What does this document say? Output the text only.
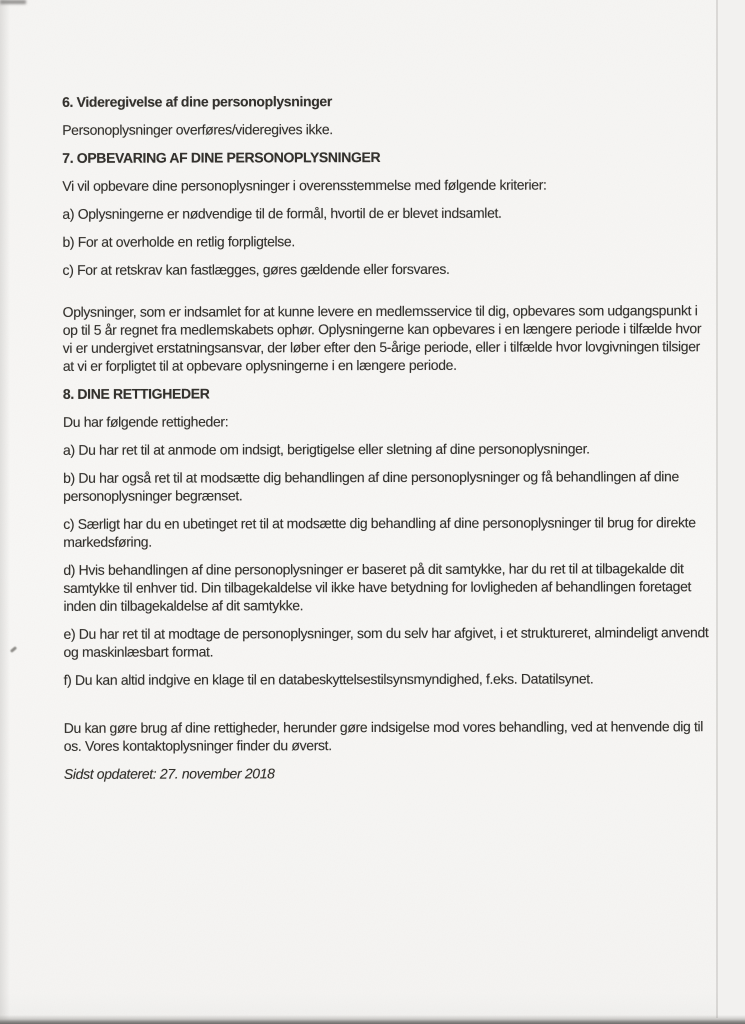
6. Videregivelse af dine personoplysninger
Personoplysninger overføres/videregives ikke.
7. OPBEVARING AF DINE PERSONOPLYSNINGER
Vi vil opbevare dine personoplysninger i overensstemmelse med følgende kriterier:
a) Oplysningerne er nødvendige til de formål, hvortil de er blevet indsamlet.
b) For at overholde en retlig forpligtelse.
c) For at retskrav kan fastlægges, gøres gældende eller forsvares.
Oplysninger, som er indsamlet for at kunne levere en medlemsservice til dig, opbevares som udgangspunkt i op til 5 år regnet fra medlemskabets ophør. Oplysningerne kan opbevares i en længere periode i tilfælde hvor vi er undergivet erstatningsansvar, der løber efter den 5-årige periode, eller i tilfælde hvor lovgivningen tilsiger at vi er forpligtet til at opbevare oplysningerne i en længere periode.
8. DINE RETTIGHEDER
Du har følgende rettigheder:
a) Du har ret til at anmode om indsigt, berigtigelse eller sletning af dine personoplysninger.
b) Du har også ret til at modsætte dig behandlingen af dine personoplysninger og få behandlingen af dine personoplysninger begrænset.
c) Særligt har du en ubetinget ret til at modsætte dig behandling af dine personoplysninger til brug for direkte markedsføring.
d) Hvis behandlingen af dine personoplysninger er baseret på dit samtykke, har du ret til at tilbagekalde dit samtykke til enhver tid. Din tilbagekaldelse vil ikke have betydning for lovligheden af behandlingen foretaget inden din tilbagekaldelse af dit samtykke.
e) Du har ret til at modtage de personoplysninger, som du selv har afgivet, i et struktureret, almindeligt anvendt og maskinlæsbart format.
f) Du kan altid indgive en klage til en databeskyttelsestilsynsmyndighed, f.eks. Datatilsynet.
Du kan gøre brug af dine rettigheder, herunder gøre indsigelse mod vores behandling, ved at henvende dig til os. Vores kontaktoplysninger finder du øverst.
Sidst opdateret: 27. november 2018
